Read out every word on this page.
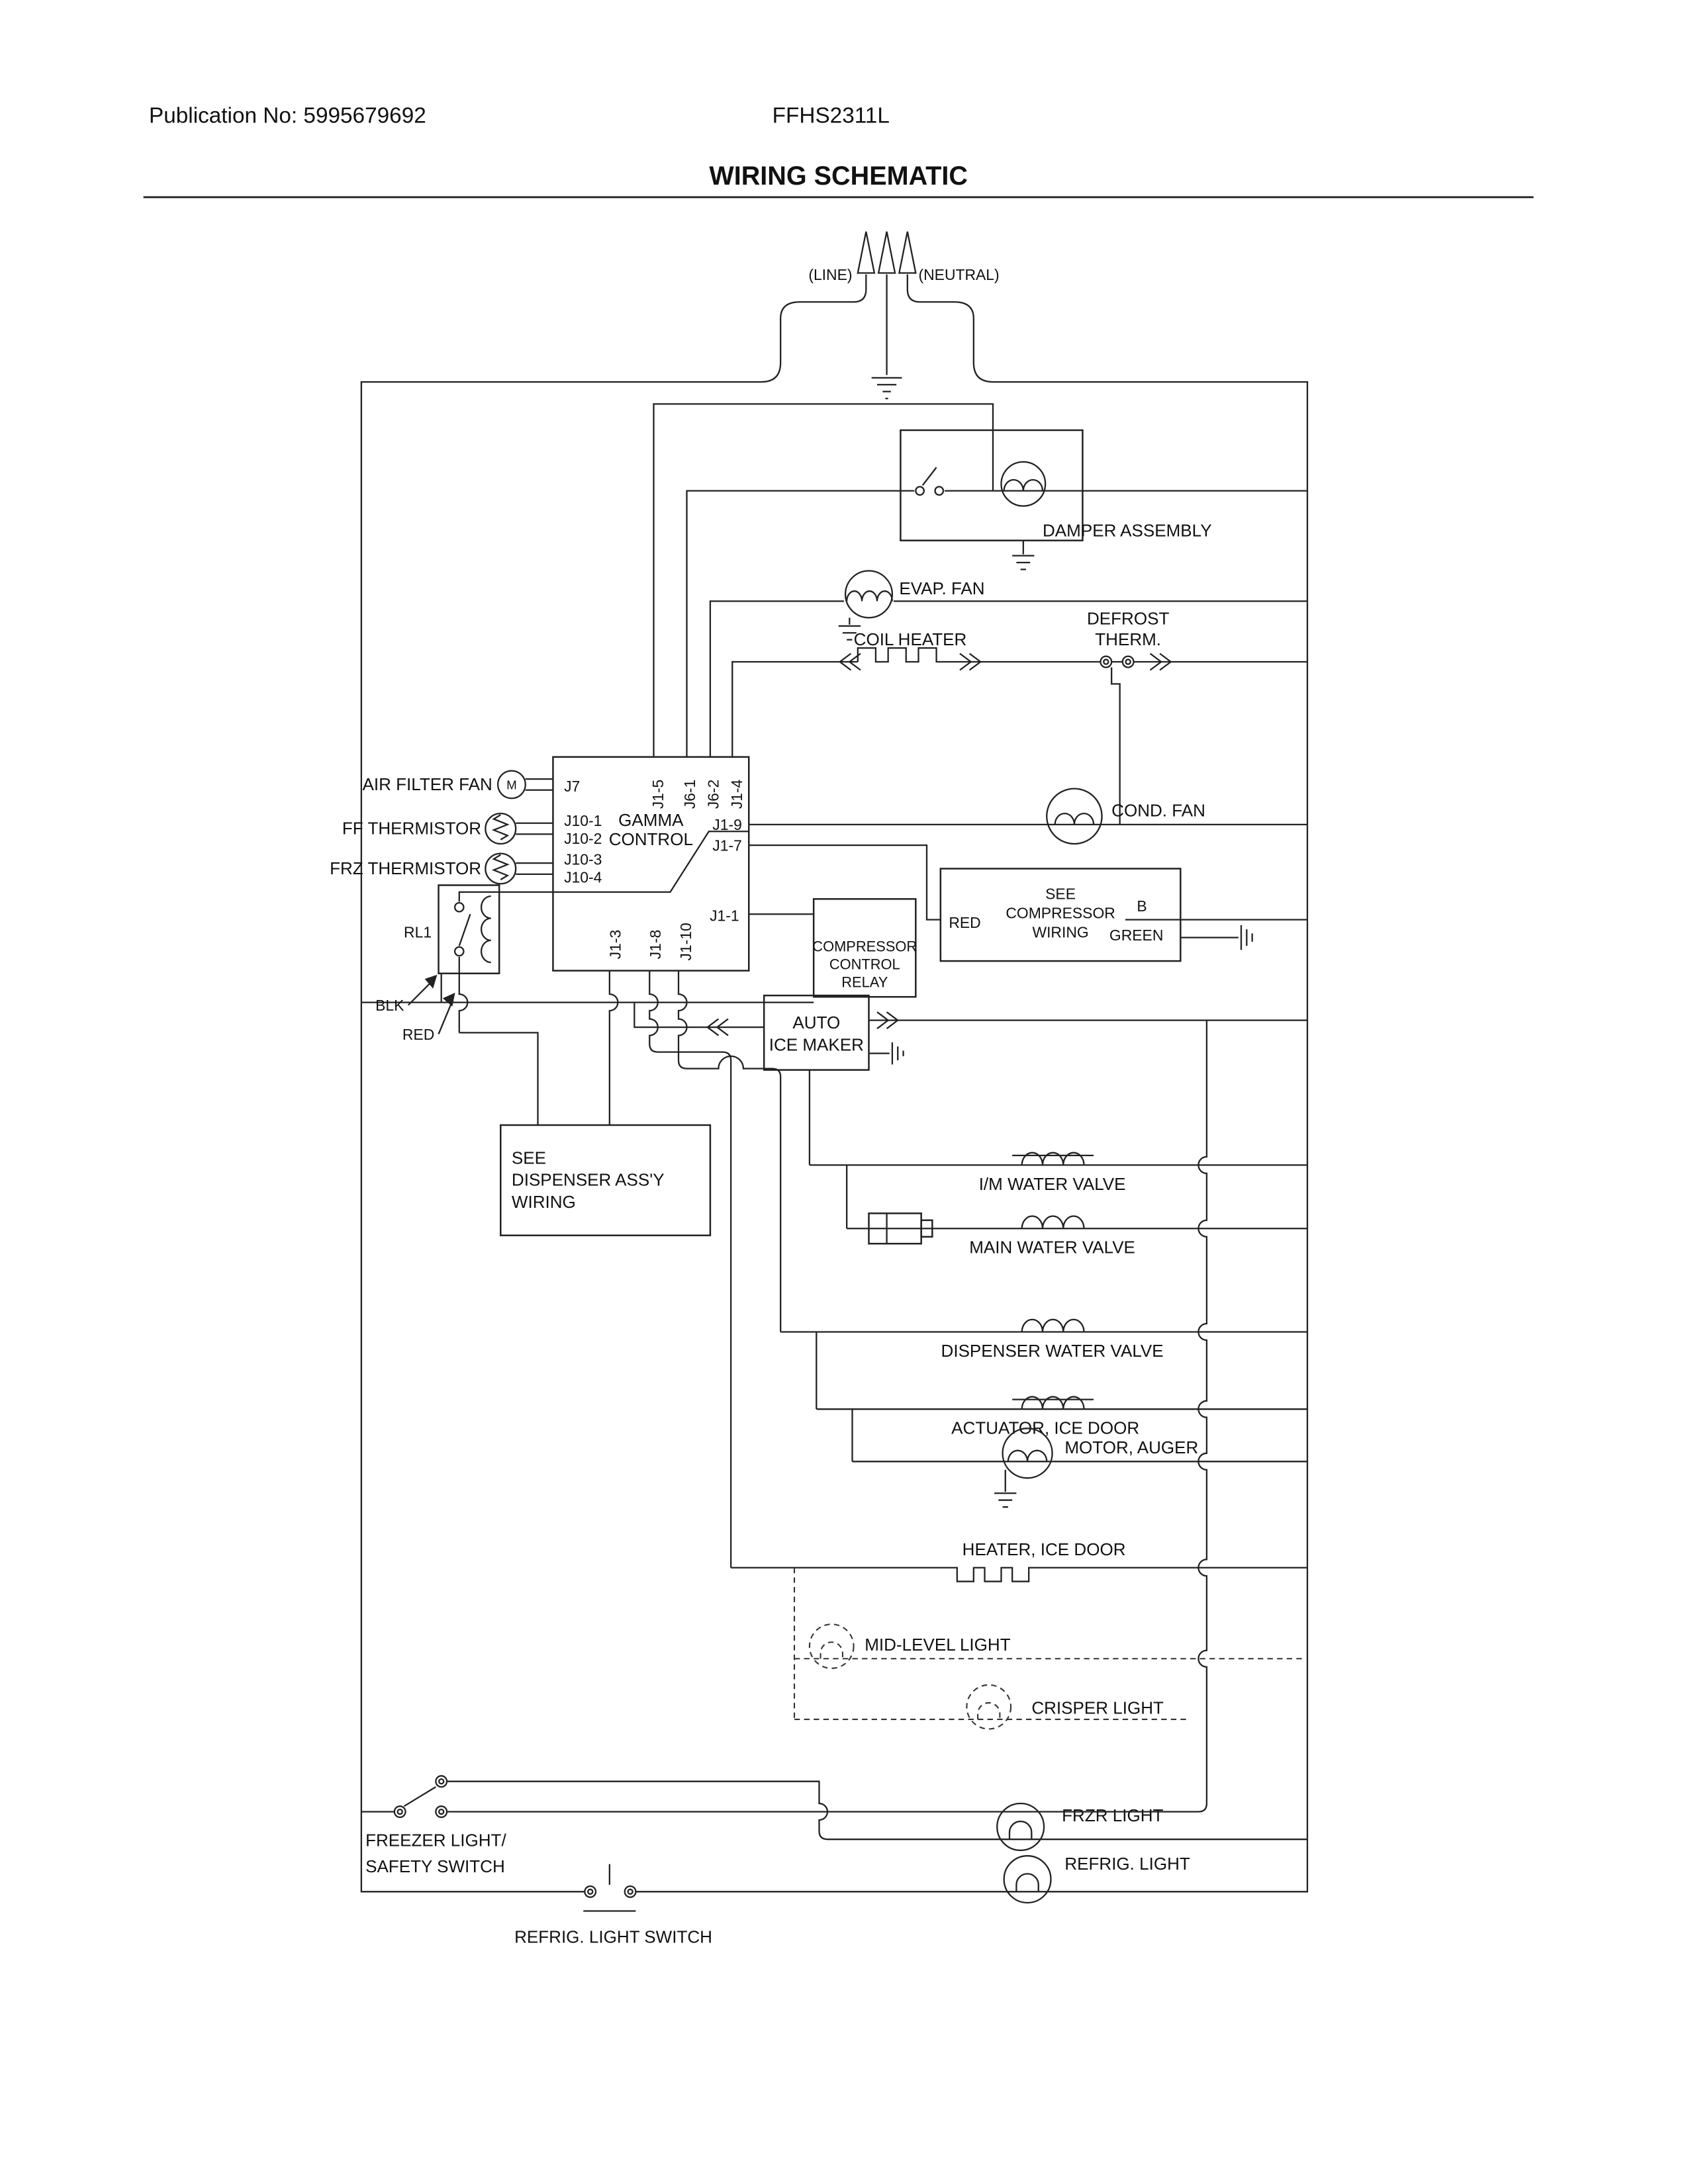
Publication No: 5995679692	FFHS2311L
WIRING SCHEMATIC
(LINE)	(NEUTRAL)
GAMMA
CONTROL
J1-5 J6-1 J6-2 J1-4
J7
J10-1
J10-2
J10-3
J10-4
J1-9
J1-7
J1-1
J1-3	J1-8 J1-10
M
AIR FILTER FAN
FF THERMISTOR
FRZ THERMISTOR
DAMPER ASSEMBLY
EVAP. FAN
COIL HEATER
DEFROST
THERM.
COND. FAN
COMPRESSOR
CONTROL
RELAY
SEE
COMPRESSOR
WIRING
RED
B
GREEN
RL1
BLK
RED
AUTO
ICE MAKER
SEE
DISPENSER ASS'Y
WIRING
I/M WATER VALVE
MAIN WATER VALVE
DISPENSER WATER VALVE
ACTUATOR, ICE DOOR
MOTOR, AUGER
HEATER, ICE DOOR
MID-LEVEL LIGHT
CRISPER LIGHT
FREEZER LIGHT/
SAFETY SWITCH
FRZR LIGHT
REFRIG. LIGHT SWITCH
REFRIG. LIGHT
